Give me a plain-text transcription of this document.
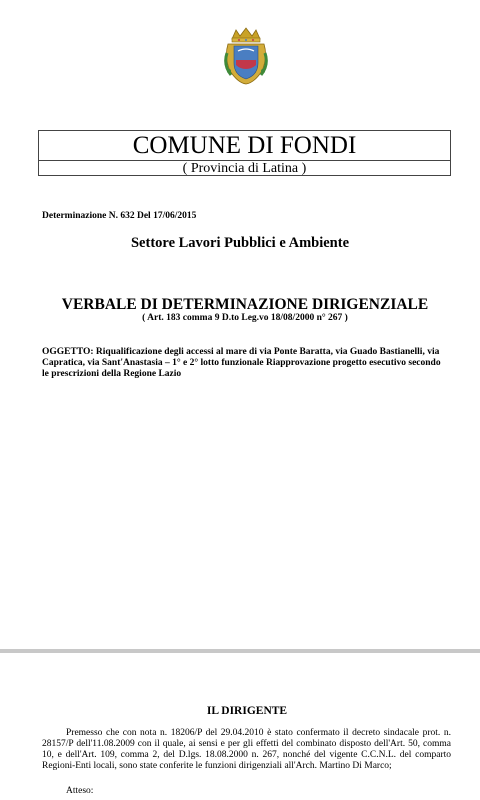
COMUNE DI FONDI
( Provincia di Latina )
Determinazione N. 632 Del 17/06/2015
Settore Lavori Pubblici e Ambiente
VERBALE DI DETERMINAZIONE DIRIGENZIALE
( Art. 183 comma 9 D.to Leg.vo 18/08/2000 n° 267 )
OGGETTO: Riqualificazione degli accessi al mare di via Ponte Baratta, via Guado Bastianelli, via Capratica, via Sant'Anastasia – 1° e 2° lotto funzionale Riapprovazione progetto esecutivo secondo le prescrizioni della Regione Lazio
IL DIRIGENTE
Premesso che con nota n. 18206/P del 29.04.2010 è stato confermato il decreto sindacale prot. n. 28157/P dell'11.08.2009 con il quale, ai sensi e per gli effetti del combinato disposto dell'Art. 50, comma 10, e dell'Art. 109, comma 2, del D.lgs. 18.08.2000 n. 267, nonché del vigente C.C.N.L. del comparto Regioni-Enti locali, sono state conferite le funzioni dirigenziali all'Arch. Martino Di Marco;
Atteso:
